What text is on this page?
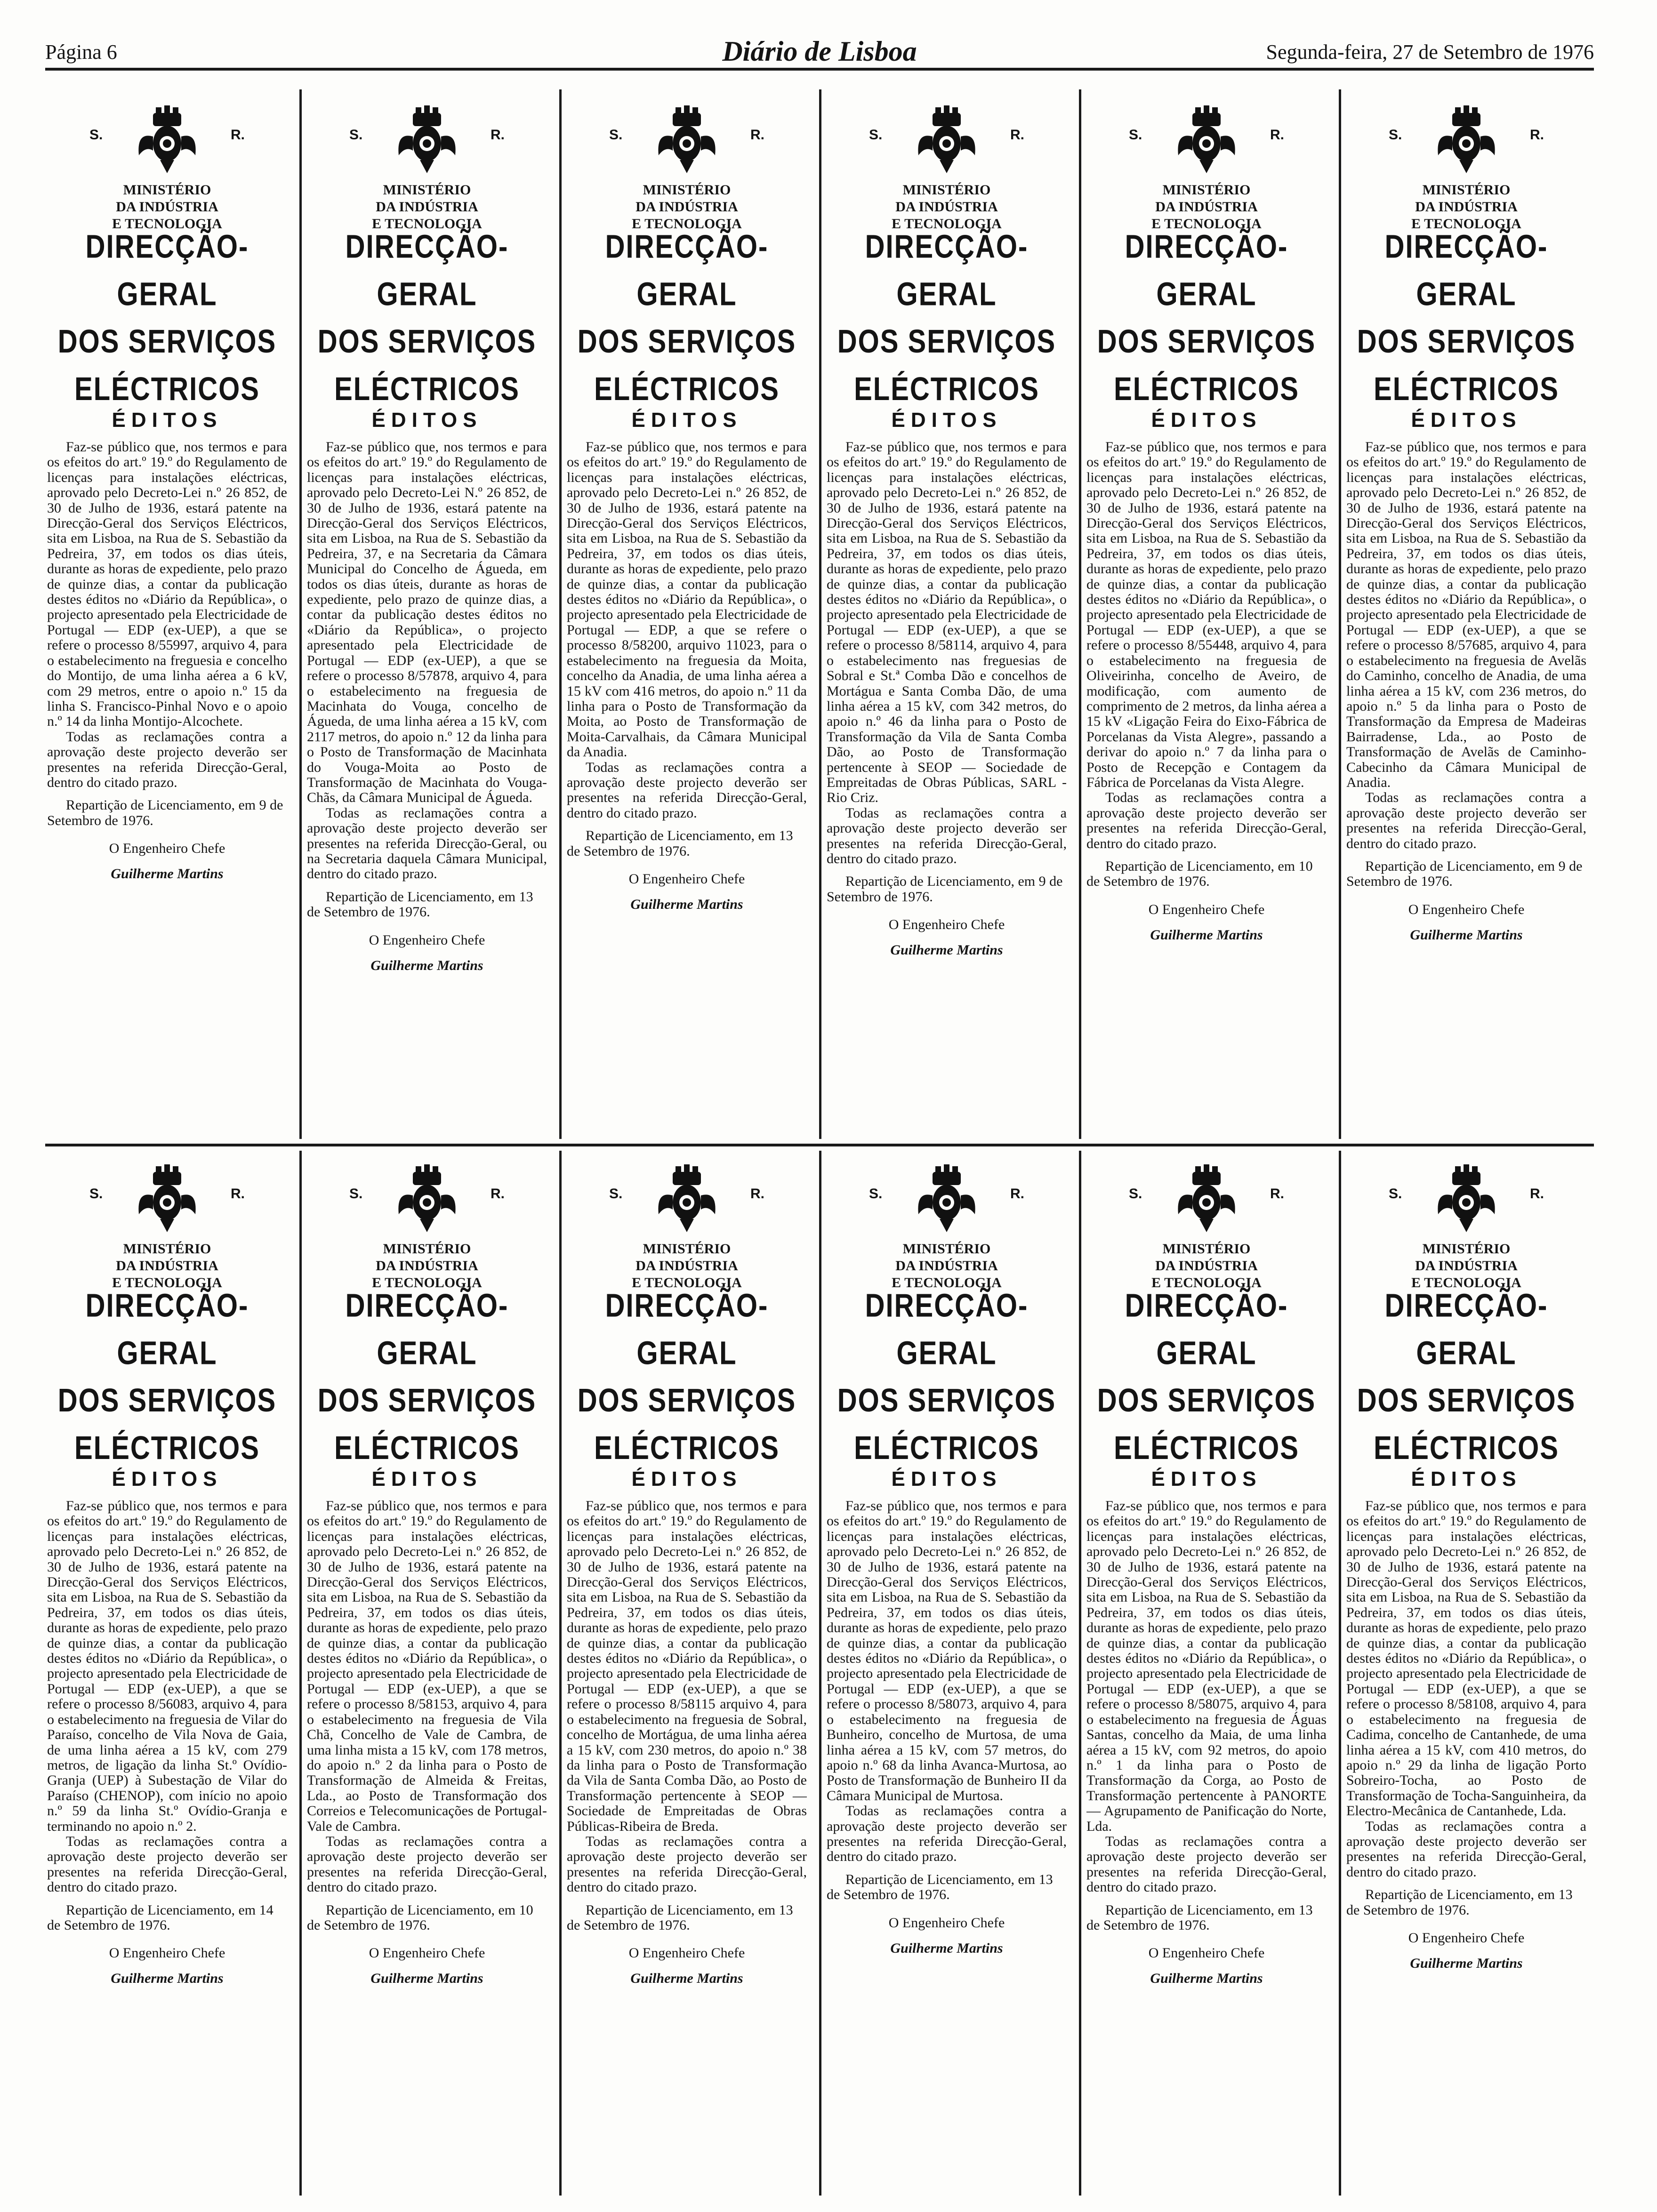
Página 6	Diário de Lisboa	Segunda-feira, 27 de Setembro de 1976
S.	R.
MINISTÉRIO
DA INDÚSTRIA
E TECNOLOGIA
DIRECÇÃO-GERAL
DOS SERVIÇOS
ELÉCTRICOS
ÉDITOS
Faz-se público que, nos termos e para os efeitos do art.º 19.º do Regulamento de licenças para instalações eléctricas, aprovado pelo Decreto-Lei n.º 26 852, de 30 de Julho de 1936, estará patente na Direcção-Geral dos Serviços Eléctricos, sita em Lisboa, na Rua de S. Sebastião da Pedreira, 37, em todos os dias úteis, durante as horas de expediente, pelo prazo de quinze dias, a contar da publicação destes éditos no «Diário da República», o projecto apresentado pela Electricidade de Portugal — EDP (ex-UEP), a que se refere o processo 8/55997, arquivo 4, para o estabelecimento na freguesia e concelho do Montijo, de uma linha aérea a 6 kV, com 29 metros, entre o apoio n.º 15 da linha S. Francisco-Pinhal Novo e o apoio n.º 14 da linha Montijo-Alcochete.
Todas as reclamações contra a aprovação deste projecto deverão ser presentes na referida Direcção-Geral, dentro do citado prazo.
Repartição de Licenciamento, em 9 de Setembro de 1976.
O Engenheiro Chefe
Guilherme Martins
S.	R.
MINISTÉRIO
DA INDÚSTRIA
E TECNOLOGIA
DIRECÇÃO-GERAL
DOS SERVIÇOS
ELÉCTRICOS
ÉDITOS
Faz-se público que, nos termos e para os efeitos do art.º 19.º do Regulamento de licenças para instalações eléctricas, aprovado pelo Decreto-Lei N.º 26 852, de 30 de Julho de 1936, estará patente na Direcção-Geral dos Serviços Eléctricos, sita em Lisboa, na Rua de S. Sebastião da Pedreira, 37, e na Secretaria da Câmara Municipal do Concelho de Águeda, em todos os dias úteis, durante as horas de expediente, pelo prazo de quinze dias, a contar da publicação destes éditos no «Diário da República», o projecto apresentado pela Electricidade de Portugal — EDP (ex-UEP), a que se refere o processo 8/57878, arquivo 4, para o estabelecimento na freguesia de Macinhata do Vouga, concelho de Águeda, de uma linha aérea a 15 kV, com 2117 metros, do apoio n.º 12 da linha para o Posto de Transformação de Macinhata do Vouga-Moita ao Posto de Transformação de Macinhata do Vouga-Chãs, da Câmara Municipal de Águeda.
Todas as reclamações contra a aprovação deste projecto deverão ser presentes na referida Direcção-Geral, ou na Secretaria daquela Câmara Municipal, dentro do citado prazo.
Repartição de Licenciamento, em 13 de Setembro de 1976.
O Engenheiro Chefe
Guilherme Martins
S.	R.
MINISTÉRIO
DA INDÚSTRIA
E TECNOLOGIA
DIRECÇÃO-GERAL
DOS SERVIÇOS
ELÉCTRICOS
ÉDITOS
Faz-se público que, nos termos e para os efeitos do art.º 19.º do Regulamento de licenças para instalações eléctricas, aprovado pelo Decreto-Lei n.º 26 852, de 30 de Julho de 1936, estará patente na Direcção-Geral dos Serviços Eléctricos, sita em Lisboa, na Rua de S. Sebastião da Pedreira, 37, em todos os dias úteis, durante as horas de expediente, pelo prazo de quinze dias, a contar da publicação destes éditos no «Diário da República», o projecto apresentado pela Electricidade de Portugal — EDP, a que se refere o processo 8/58200, arquivo 11023, para o estabelecimento na freguesia da Moita, concelho da Anadia, de uma linha aérea a 15 kV com 416 metros, do apoio n.º 11 da linha para o Posto de Transformação da Moita, ao Posto de Transformação de Moita-Carvalhais, da Câmara Municipal da Anadia.
Todas as reclamações contra a aprovação deste projecto deverão ser presentes na referida Direcção-Geral, dentro do citado prazo.
Repartição de Licenciamento, em 13 de Setembro de 1976.
O Engenheiro Chefe
Guilherme Martins
S.	R.
MINISTÉRIO
DA INDÚSTRIA
E TECNOLOGIA
DIRECÇÃO-GERAL
DOS SERVIÇOS
ELÉCTRICOS
ÉDITOS
Faz-se público que, nos termos e para os efeitos do art.º 19.º do Regulamento de licenças para instalações eléctricas, aprovado pelo Decreto-Lei n.º 26 852, de 30 de Julho de 1936, estará patente na Direcção-Geral dos Serviços Eléctricos, sita em Lisboa, na Rua de S. Sebastião da Pedreira, 37, em todos os dias úteis, durante as horas de expediente, pelo prazo de quinze dias, a contar da publicação destes éditos no «Diário da República», o projecto apresentado pela Electricidade de Portugal — EDP (ex-UEP), a que se refere o processo 8/58114, arquivo 4, para o estabelecimento nas freguesias de Sobral e St.ª Comba Dão e concelhos de Mortágua e Santa Comba Dão, de uma linha aérea a 15 kV, com 342 metros, do apoio n.º 46 da linha para o Posto de Transformação da Vila de Santa Comba Dão, ao Posto de Transformação pertencente à SEOP — Sociedade de Empreitadas de Obras Públicas, SARL - Rio Criz.
Todas as reclamações contra a aprovação deste projecto deverão ser presentes na referida Direcção-Geral, dentro do citado prazo.
Repartição de Licenciamento, em 9 de Setembro de 1976.
O Engenheiro Chefe
Guilherme Martins
S.	R.
MINISTÉRIO
DA INDÚSTRIA
E TECNOLOGIA
DIRECÇÃO-GERAL
DOS SERVIÇOS
ELÉCTRICOS
ÉDITOS
Faz-se público que, nos termos e para os efeitos do art.º 19.º do Regulamento de licenças para instalações eléctricas, aprovado pelo Decreto-Lei n.º 26 852, de 30 de Julho de 1936, estará patente na Direcção-Geral dos Serviços Eléctricos, sita em Lisboa, na Rua de S. Sebastião da Pedreira, 37, em todos os dias úteis, durante as horas de expediente, pelo prazo de quinze dias, a contar da publicação destes éditos no «Diário da República», o projecto apresentado pela Electricidade de Portugal — EDP (ex-UEP), a que se refere o processo 8/55448, arquivo 4, para o estabelecimento na freguesia de Oliveirinha, concelho de Aveiro, de modificação, com aumento de comprimento de 2 metros, da linha aérea a 15 kV «Ligação Feira do Eixo-Fábrica de Porcelanas da Vista Alegre», passando a derivar do apoio n.º 7 da linha para o Posto de Recepção e Contagem da Fábrica de Porcelanas da Vista Alegre.
Todas as reclamações contra a aprovação deste projecto deverão ser presentes na referida Direcção-Geral, dentro do citado prazo.
Repartição de Licenciamento, em 10 de Setembro de 1976.
O Engenheiro Chefe
Guilherme Martins
S.	R.
MINISTÉRIO
DA INDÚSTRIA
E TECNOLOGIA
DIRECÇÃO-GERAL
DOS SERVIÇOS
ELÉCTRICOS
ÉDITOS
Faz-se público que, nos termos e para os efeitos do art.º 19.º do Regulamento de licenças para instalações eléctricas, aprovado pelo Decreto-Lei n.º 26 852, de 30 de Julho de 1936, estará patente na Direcção-Geral dos Serviços Eléctricos, sita em Lisboa, na Rua de S. Sebastião da Pedreira, 37, em todos os dias úteis, durante as horas de expediente, pelo prazo de quinze dias, a contar da publicação destes éditos no «Diário da República», o projecto apresentado pela Electricidade de Portugal — EDP (ex-UEP), a que se refere o processo 8/57685, arquivo 4, para o estabelecimento na freguesia de Avelãs do Caminho, concelho de Anadia, de uma linha aérea a 15 kV, com 236 metros, do apoio n.º 5 da linha para o Posto de Transformação da Empresa de Madeiras Bairradense, Lda., ao Posto de Transformação de Avelãs de Caminho-Cabecinho da Câmara Municipal de Anadia.
Todas as reclamações contra a aprovação deste projecto deverão ser presentes na referida Direcção-Geral, dentro do citado prazo.
Repartição de Licenciamento, em 9 de Setembro de 1976.
O Engenheiro Chefe
Guilherme Martins
S.	R.
MINISTÉRIO
DA INDÚSTRIA
E TECNOLOGIA
DIRECÇÃO-GERAL
DOS SERVIÇOS
ELÉCTRICOS
ÉDITOS
Faz-se público que, nos termos e para os efeitos do art.º 19.º do Regulamento de licenças para instalações eléctricas, aprovado pelo Decreto-Lei n.º 26 852, de 30 de Julho de 1936, estará patente na Direcção-Geral dos Serviços Eléctricos, sita em Lisboa, na Rua de S. Sebastião da Pedreira, 37, em todos os dias úteis, durante as horas de expediente, pelo prazo de quinze dias, a contar da publicação destes éditos no «Diário da República», o projecto apresentado pela Electricidade de Portugal — EDP (ex-UEP), a que se refere o processo 8/56083, arquivo 4, para o estabelecimento na freguesia de Vilar do Paraíso, concelho de Vila Nova de Gaia, de uma linha aérea a 15 kV, com 279 metros, de ligação da linha St.º Ovídio-Granja (UEP) à Subestação de Vilar do Paraíso (CHENOP), com início no apoio n.º 59 da linha St.º Ovídio-Granja e terminando no apoio n.º 2.
Todas as reclamações contra a aprovação deste projecto deverão ser presentes na referida Direcção-Geral, dentro do citado prazo.
Repartição de Licenciamento, em 14 de Setembro de 1976.
O Engenheiro Chefe
Guilherme Martins
S.	R.
MINISTÉRIO
DA INDÚSTRIA
E TECNOLOGIA
DIRECÇÃO-GERAL
DOS SERVIÇOS
ELÉCTRICOS
ÉDITOS
Faz-se público que, nos termos e para os efeitos do art.º 19.º do Regulamento de licenças para instalações eléctricas, aprovado pelo Decreto-Lei n.º 26 852, de 30 de Julho de 1936, estará patente na Direcção-Geral dos Serviços Eléctricos, sita em Lisboa, na Rua de S. Sebastião da Pedreira, 37, em todos os dias úteis, durante as horas de expediente, pelo prazo de quinze dias, a contar da publicação destes éditos no «Diário da República», o projecto apresentado pela Electricidade de Portugal — EDP (ex-UEP), a que se refere o processo 8/58153, arquivo 4, para o estabelecimento na freguesia de Vila Chã, Concelho de Vale de Cambra, de uma linha mista a 15 kV, com 178 metros, do apoio n.º 2 da linha para o Posto de Transformação de Almeida & Freitas, Lda., ao Posto de Transformação dos Correios e Telecomunicações de Portugal-Vale de Cambra.
Todas as reclamações contra a aprovação deste projecto deverão ser presentes na referida Direcção-Geral, dentro do citado prazo.
Repartição de Licenciamento, em 10 de Setembro de 1976.
O Engenheiro Chefe
Guilherme Martins
S.	R.
MINISTÉRIO
DA INDÚSTRIA
E TECNOLOGIA
DIRECÇÃO-GERAL
DOS SERVIÇOS
ELÉCTRICOS
ÉDITOS
Faz-se público que, nos termos e para os efeitos do art.º 19.º do Regulamento de licenças para instalações eléctricas, aprovado pelo Decreto-Lei n.º 26 852, de 30 de Julho de 1936, estará patente na Direcção-Geral dos Serviços Eléctricos, sita em Lisboa, na Rua de S. Sebastião da Pedreira, 37, em todos os dias úteis, durante as horas de expediente, pelo prazo de quinze dias, a contar da publicação destes éditos no «Diário da República», o projecto apresentado pela Electricidade de Portugal — EDP (ex-UEP), a que se refere o processo 8/58115 arquivo 4, para o estabelecimento na freguesia de Sobral, concelho de Mortágua, de uma linha aérea a 15 kV, com 230 metros, do apoio n.º 38 da linha para o Posto de Transformação da Vila de Santa Comba Dão, ao Posto de Transformação pertencente à SEOP — Sociedade de Empreitadas de Obras Públicas-Ribeira de Breda.
Todas as reclamações contra a aprovação deste projecto deverão ser presentes na referida Direcção-Geral, dentro do citado prazo.
Repartição de Licenciamento, em 13 de Setembro de 1976.
O Engenheiro Chefe
Guilherme Martins
S.	R.
MINISTÉRIO
DA INDÚSTRIA
E TECNOLOGIA
DIRECÇÃO-GERAL
DOS SERVIÇOS
ELÉCTRICOS
ÉDITOS
Faz-se público que, nos termos e para os efeitos do art.º 19.º do Regulamento de licenças para instalações eléctricas, aprovado pelo Decreto-Lei n.º 26 852, de 30 de Julho de 1936, estará patente na Direcção-Geral dos Serviços Eléctricos, sita em Lisboa, na Rua de S. Sebastião da Pedreira, 37, em todos os dias úteis, durante as horas de expediente, pelo prazo de quinze dias, a contar da publicação destes éditos no «Diário da República», o projecto apresentado pela Electricidade de Portugal — EDP (ex-UEP), a que se refere o processo 8/58073, arquivo 4, para o estabelecimento na freguesia de Bunheiro, concelho de Murtosa, de uma linha aérea a 15 kV, com 57 metros, do apoio n.º 68 da linha Avanca-Murtosa, ao Posto de Transformação de Bunheiro II da Câmara Municipal de Murtosa.
Todas as reclamações contra a aprovação deste projecto deverão ser presentes na referida Direcção-Geral, dentro do citado prazo.
Repartição de Licenciamento, em 13 de Setembro de 1976.
O Engenheiro Chefe
Guilherme Martins
S.	R.
MINISTÉRIO
DA INDÚSTRIA
E TECNOLOGIA
DIRECÇÃO-GERAL
DOS SERVIÇOS
ELÉCTRICOS
ÉDITOS
Faz-se público que, nos termos e para os efeitos do art.º 19.º do Regulamento de licenças para instalações eléctricas, aprovado pelo Decreto-Lei n.º 26 852, de 30 de Julho de 1936, estará patente na Direcção-Geral dos Serviços Eléctricos, sita em Lisboa, na Rua de S. Sebastião da Pedreira, 37, em todos os dias úteis, durante as horas de expediente, pelo prazo de quinze dias, a contar da publicação destes éditos no «Diário da República», o projecto apresentado pela Electricidade de Portugal — EDP (ex-UEP), a que se refere o processo 8/58075, arquivo 4, para o estabelecimento na freguesia de Águas Santas, concelho da Maia, de uma linha aérea a 15 kV, com 92 metros, do apoio n.º 1 da linha para o Posto de Transformação da Corga, ao Posto de Transformação pertencente à PANORTE — Agrupamento de Panificação do Norte, Lda.
Todas as reclamações contra a aprovação deste projecto deverão ser presentes na referida Direcção-Geral, dentro do citado prazo.
Repartição de Licenciamento, em 13 de Setembro de 1976.
O Engenheiro Chefe
Guilherme Martins
S.	R.
MINISTÉRIO
DA INDÚSTRIA
E TECNOLOGIA
DIRECÇÃO-GERAL
DOS SERVIÇOS
ELÉCTRICOS
ÉDITOS
Faz-se público que, nos termos e para os efeitos do art.º 19.º do Regulamento de licenças para instalações eléctricas, aprovado pelo Decreto-Lei n.º 26 852, de 30 de Julho de 1936, estará patente na Direcção-Geral dos Serviços Eléctricos, sita em Lisboa, na Rua de S. Sebastião da Pedreira, 37, em todos os dias úteis, durante as horas de expediente, pelo prazo de quinze dias, a contar da publicação destes éditos no «Diário da República», o projecto apresentado pela Electricidade de Portugal — EDP (ex-UEP), a que se refere o processo 8/58108, arquivo 4, para o estabelecimento na freguesia de Cadima, concelho de Cantanhede, de uma linha aérea a 15 kV, com 410 metros, do apoio n.º 29 da linha de ligação Porto Sobreiro-Tocha, ao Posto de Transformação de Tocha-Sanguinheira, da Electro-Mecânica de Cantanhede, Lda.
Todas as reclamações contra a aprovação deste projecto deverão ser presentes na referida Direcção-Geral, dentro do citado prazo.
Repartição de Licenciamento, em 13 de Setembro de 1976.
O Engenheiro Chefe
Guilherme Martins
